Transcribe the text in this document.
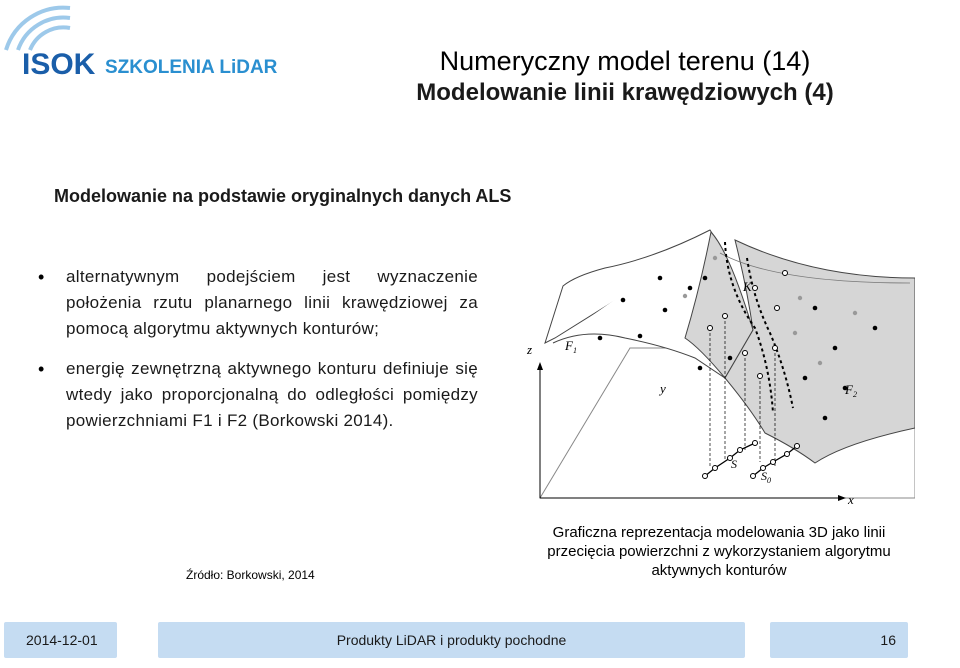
ISOK SZKOLENIA LiDAR	Numeryczny model terenu (14)
Modelowanie linii krawędziowych (4)
Modelowanie na podstawie oryginalnych danych ALS
•	alternatywnym podejściem jest wyznaczenie położenia rzutu planarnego linii krawędziowej za pomocą algorytmu aktywnych konturów;
•	energię zewnętrzną aktywnego konturu definiuje się wtedy jako proporcjonalną do odległości pomiędzy powierzchniami F1 i F2 (Borkowski 2014).
z
y
x
$F_1$
$F_2$
K
S
$S_0$
Źródło: Borkowski, 2014
Graficzna reprezentacja modelowania 3D jako linii przecięcia powierzchni z wykorzystaniem algorytmu aktywnych konturów
2014-12-01	Produkty LiDAR i produkty pochodne	16
